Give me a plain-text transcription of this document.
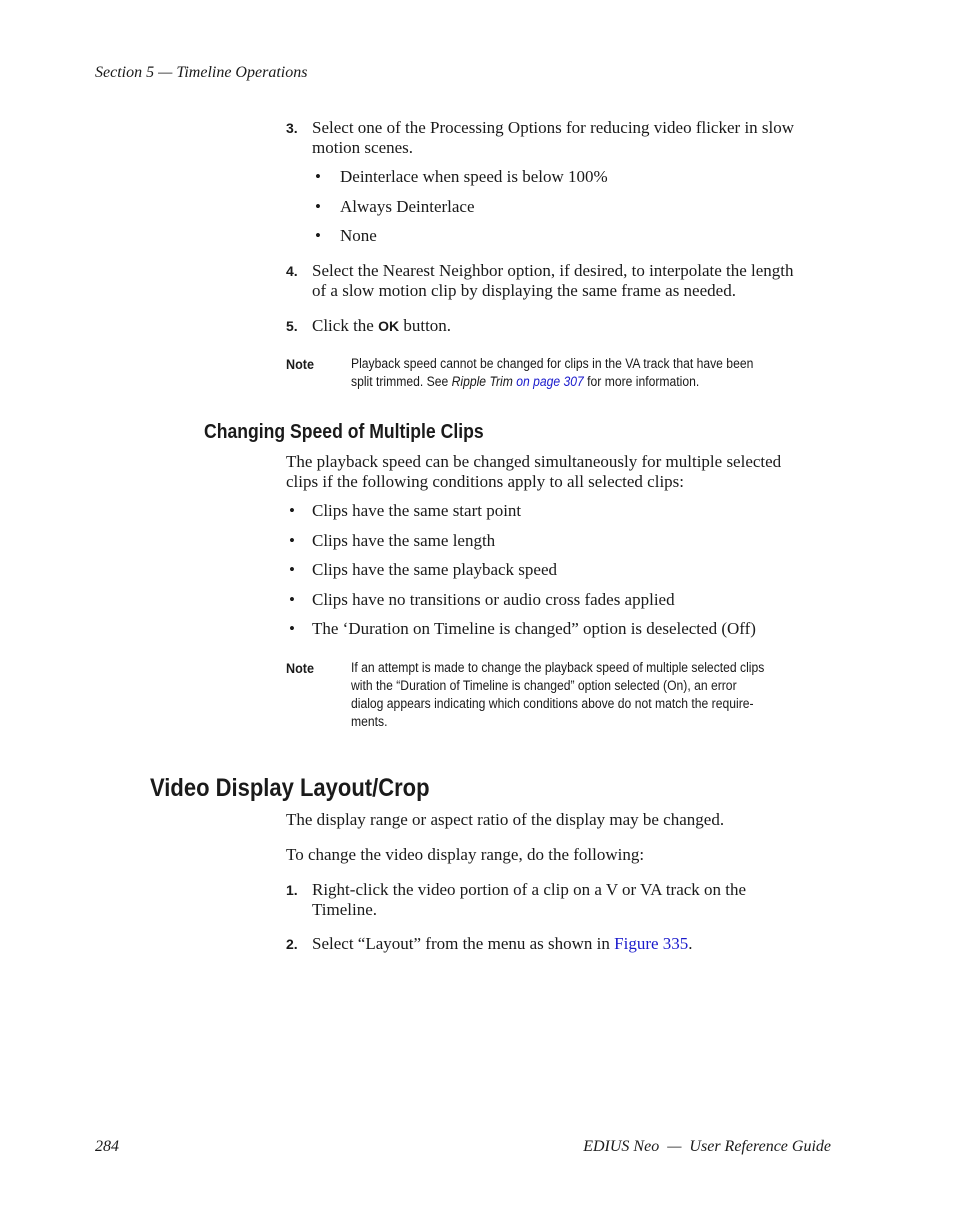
Section 5 — Timeline Operations
3. Select one of the Processing Options for reducing video flicker in slow
motion scenes.
• Deinterlace when speed is below 100%
• Always Deinterlace
• None
4. Select the Nearest Neighbor option, if desired, to interpolate the length
of a slow motion clip by displaying the same frame as needed.
5. Click the OK button.
Note	Playback speed cannot be changed for clips in the VA track that have been
split trimmed. See Ripple Trim on page 307 for more information.
Changing Speed of Multiple Clips
The playback speed can be changed simultaneously for multiple selected
clips if the following conditions apply to all selected clips:
• Clips have the same start point
• Clips have the same length
• Clips have the same playback speed
• Clips have no transitions or audio cross fades applied
• The ‘Duration on Timeline is changed” option is deselected (Off)
Note	If an attempt is made to change the playback speed of multiple selected clips
with the “Duration of Timeline is changed” option selected (On), an error
dialog appears indicating which conditions above do not match the require-
ments.
Video Display Layout/Crop
The display range or aspect ratio of the display may be changed.
To change the video display range, do the following:
1. Right-click the video portion of a clip on a V or VA track on the
Timeline.
2. Select “Layout” from the menu as shown in Figure 335.
284	EDIUS Neo  —  User Reference Guide
